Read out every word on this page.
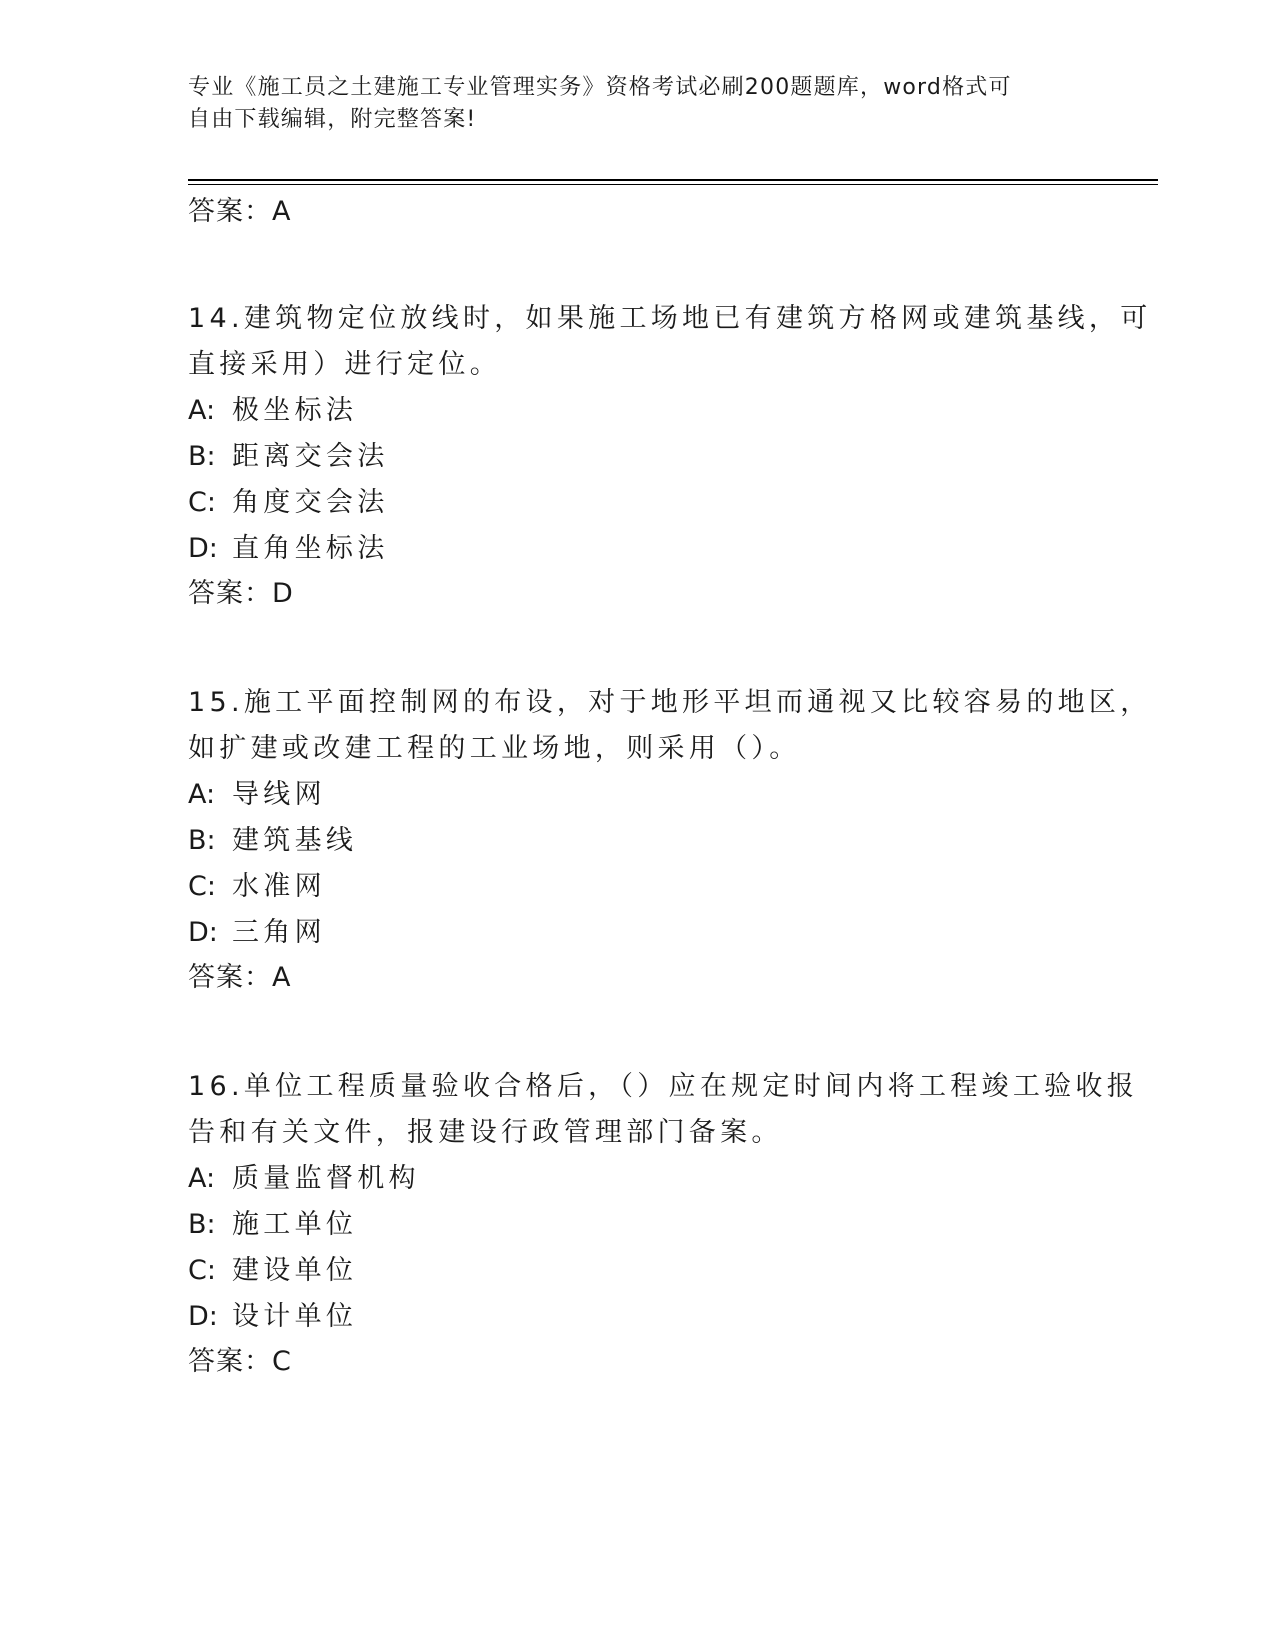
专业《施工员之土建施工专业管理实务》资格考试必刷200题题库，word格式可
自由下载编辑，附完整答案!
答案：A
14.建筑物定位放线时，如果施工场地已有建筑方格网或建筑基线，可
直接采用）进行定位。
A: 极坐标法
B: 距离交会法
C: 角度交会法
D: 直角坐标法
答案：D
15.施工平面控制网的布设，对于地形平坦而通视又比较容易的地区，
如扩建或改建工程的工业场地，则采用（）。
A: 导线网
B: 建筑基线
C: 水准网
D: 三角网
答案：A
16.单位工程质量验收合格后，（）应在规定时间内将工程竣工验收报
告和有关文件，报建设行政管理部门备案。
A: 质量监督机构
B: 施工单位
C: 建设单位
D: 设计单位
答案：C
